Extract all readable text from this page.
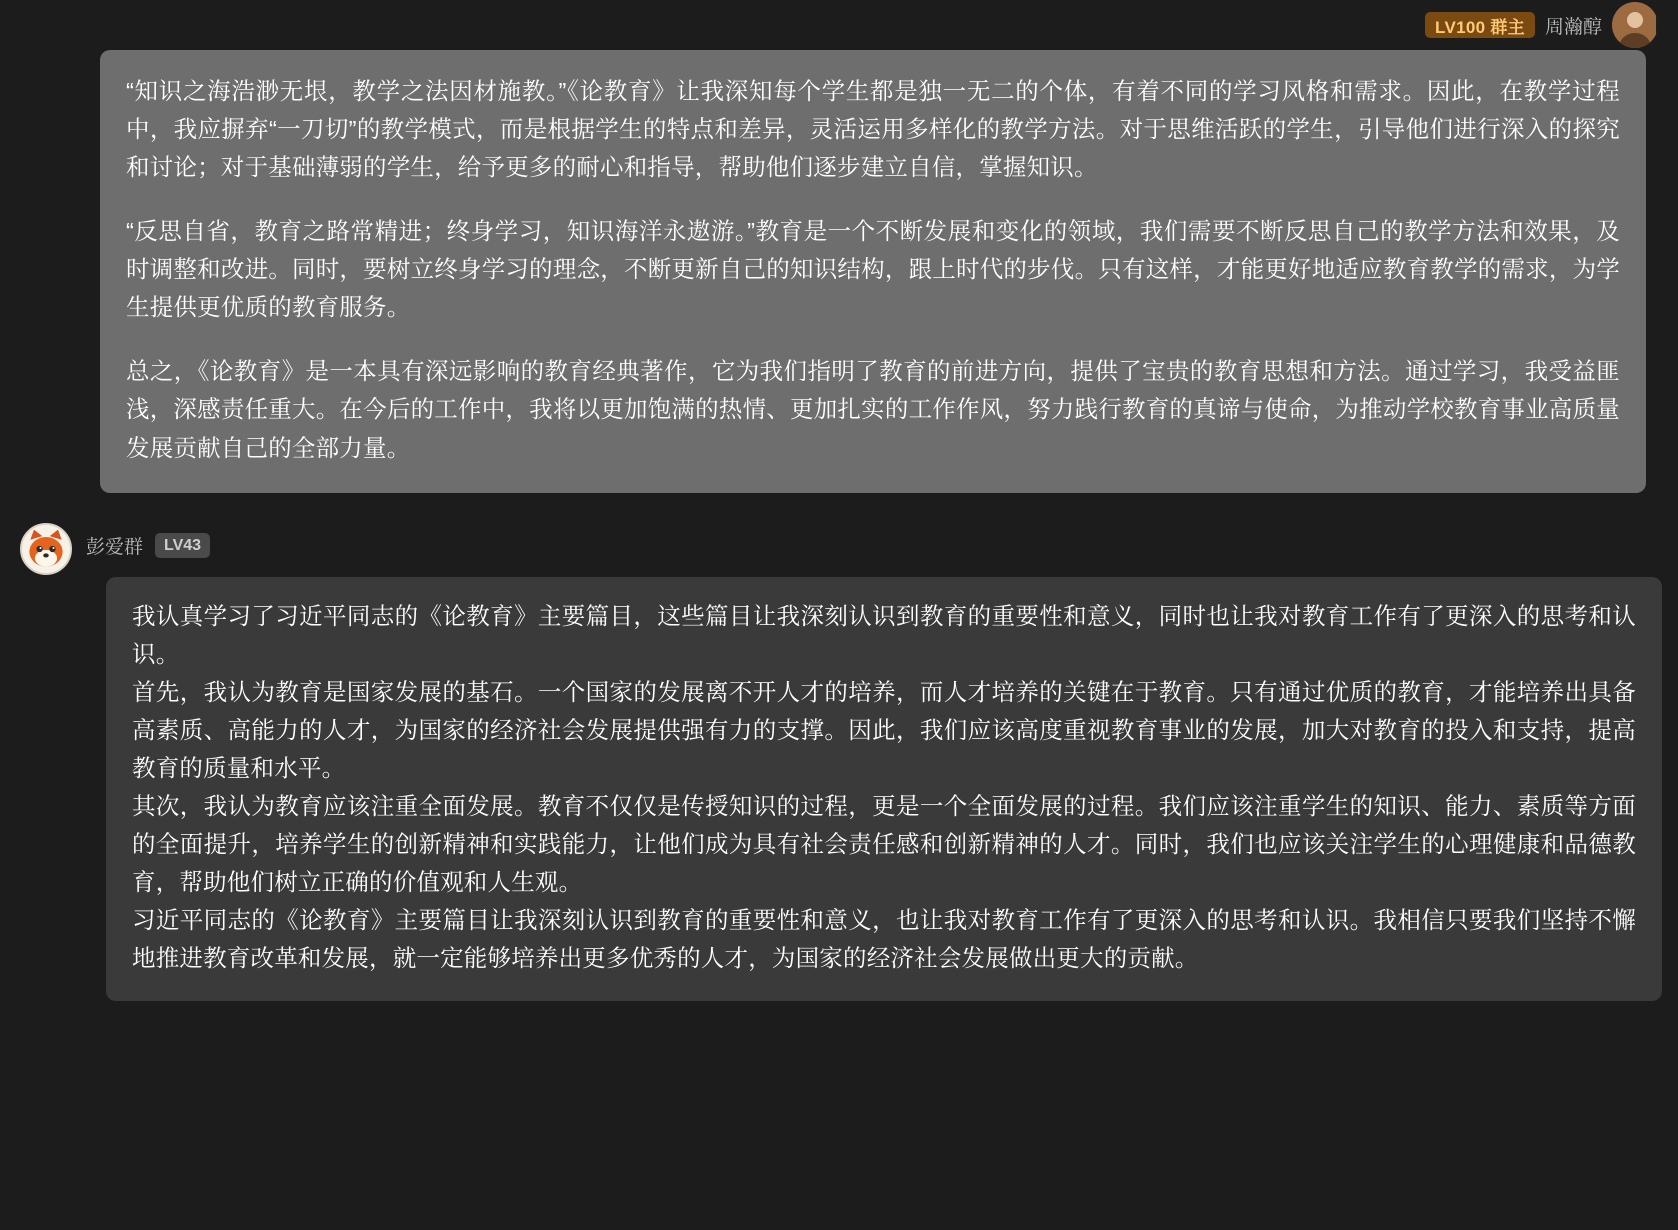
LV100 群主	周瀚醇

“知识之海浩渺无垠，教学之法因材施教。”《论教育》让我深知每个学生都是独一无二的个体，有着不同的学习风格和需求。因此，在教学过程中，我应摒弃“一刀切”的教学模式，而是根据学生的特点和差异，灵活运用多样化的教学方法。对于思维活跃的学生，引导他们进行深入的探究和讨论；对于基础薄弱的学生，给予更多的耐心和指导，帮助他们逐步建立自信，掌握知识。

“反思自省，教育之路常精进；终身学习，知识海洋永遨游。”教育是一个不断发展和变化的领域，我们需要不断反思自己的教学方法和效果，及时调整和改进。同时，要树立终身学习的理念，不断更新自己的知识结构，跟上时代的步伐。只有这样，才能更好地适应教育教学的需求，为学生提供更优质的教育服务。

总之，《论教育》是一本具有深远影响的教育经典著作，它为我们指明了教育的前进方向，提供了宝贵的教育思想和方法。通过学习，我受益匪浅，深感责任重大。在今后的工作中，我将以更加饱满的热情、更加扎实的工作作风，努力践行教育的真谛与使命，为推动学校教育事业高质量发展贡献自己的全部力量。

彭爱群	LV43

我认真学习了习近平同志的《论教育》主要篇目，这些篇目让我深刻认识到教育的重要性和意义，同时也让我对教育工作有了更深入的思考和认识。

首先，我认为教育是国家发展的基石。一个国家的发展离不开人才的培养，而人才培养的关键在于教育。只有通过优质的教育，才能培养出具备高素质、高能力的人才，为国家的经济社会发展提供强有力的支撑。因此，我们应该高度重视教育事业的发展，加大对教育的投入和支持，提高教育的质量和水平。

其次，我认为教育应该注重全面发展。教育不仅仅是传授知识的过程，更是一个全面发展的过程。我们应该注重学生的知识、能力、素质等方面的全面提升，培养学生的创新精神和实践能力，让他们成为具有社会责任感和创新精神的人才。同时，我们也应该关注学生的心理健康和品德教育，帮助他们树立正确的价值观和人生观。

习近平同志的《论教育》主要篇目让我深刻认识到教育的重要性和意义，也让我对教育工作有了更深入的思考和认识。我相信只要我们坚持不懈地推进教育改革和发展，就一定能够培养出更多优秀的人才，为国家的经济社会发展做出更大的贡献。
